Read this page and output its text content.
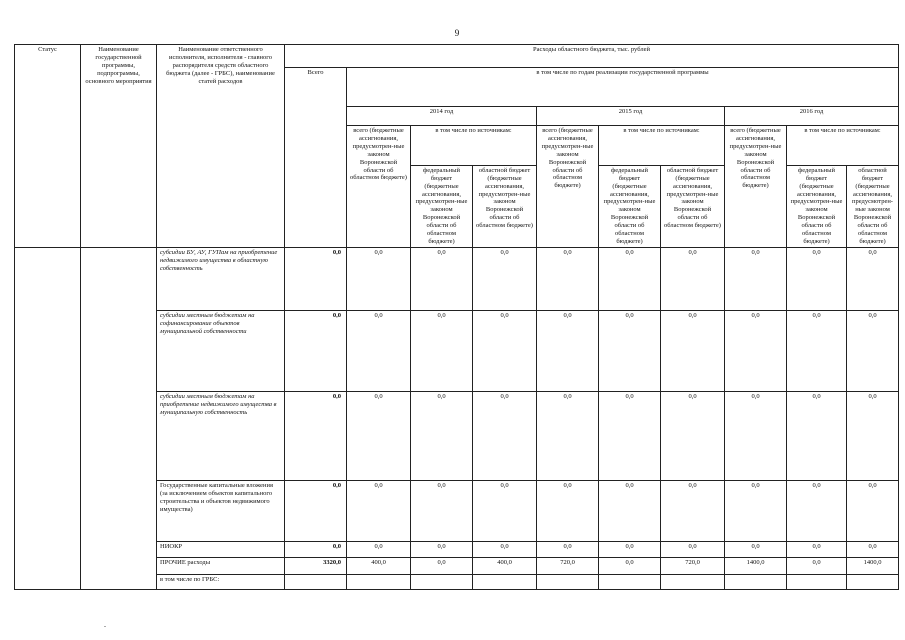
9
Статус	Наименование государственной программы, подпрограммы, основного мероприятия	Наименование ответственного исполнителя, исполнителя - главного распорядителя средств областного бюджета (далее - ГРБС), наименование статей расходов	Расходы областного бюджета, тыс. рублей									
			Всего	в том числе по годам реализации государственной программы								
				2014 год			2015 год			2016 год		
				всего (бюджетные ассигнования, предусмотрен-ные законом Воронежской области об областном бюджете)	в том числе по источникам:		всего (бюджетные ассигнования, предусмотрен-ные законом Воронежской области об областном бюджете)	в том числе по источникам:		всего (бюджетные ассигнования, предусмотрен-ные законом Воронежской области об областном бюджете)	в том числе по источникам:	
					федеральный бюджет (бюджетные ассигнования, предусмотрен-ные законом Воронежской области об областном бюджете)	областной бюджет (бюджетные ассигнования, предусмотрен-ные законом Воронежской области об областном бюджете)		федеральный бюджет (бюджетные ассигнования, предусмотрен-ные законом Воронежской области об областном бюджете)	областной бюджет (бюджетные ассигнования, предусмотрен-ные законом Воронежской области об областном бюджете)		федеральный бюджет (бюджетные ассигнования, предусмотрен-ные законом Воронежской области об областном бюджете)	областной бюджет (бюджетные ассигнования, предусмотрен-ные законом Воронежской области об областном бюджете)
		субсидии БУ, АУ, ГУПам на приобретение недвижимого имущества в областную собственность	0,0	0,0	0,0	0,0	0,0	0,0	0,0	0,0	0,0	0,0
		субсидии местным бюджетам на софинансирование объектов муниципальной собственности	0,0	0,0	0,0	0,0	0,0	0,0	0,0	0,0	0,0	0,0
		субсидии местным бюджетам на приобретение недвижимого имущества в муниципальную собственность	0,0	0,0	0,0	0,0	0,0	0,0	0,0	0,0	0,0	0,0
		Государственные капитальные вложения (за исключением объектов капитального строительства и объектов недвижимого имущества)	0,0	0,0	0,0	0,0	0,0	0,0	0,0	0,0	0,0	0,0
		НИОКР	0,0	0,0	0,0	0,0	0,0	0,0	0,0	0,0	0,0	0,0
		ПРОЧИЕ расходы	3320,0	400,0	0,0	400,0	720,0	0,0	720,0	1400,0	0,0	1400,0
		в том числе по ГРБС:										
-
